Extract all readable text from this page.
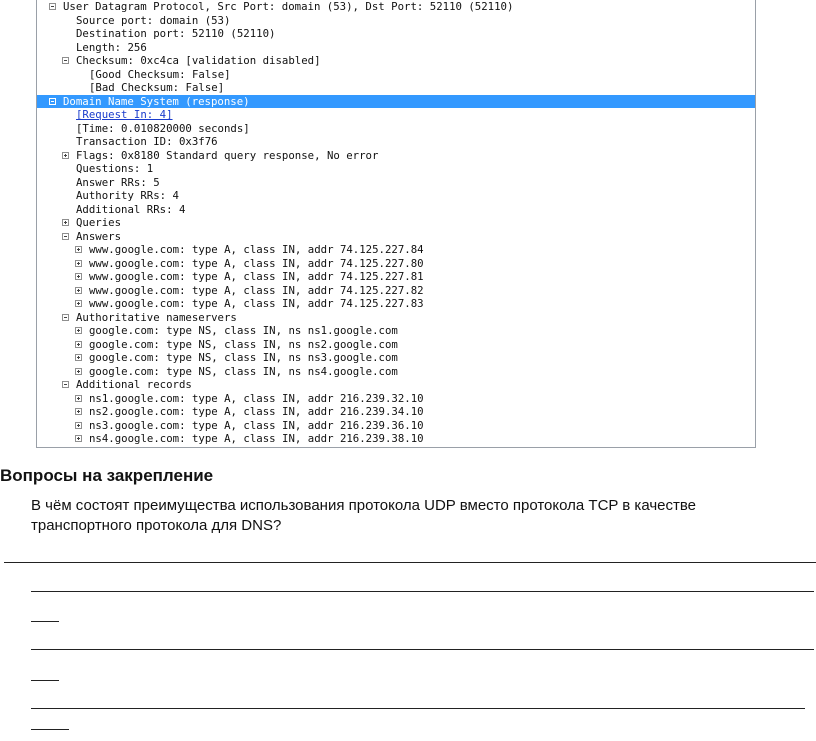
User Datagram Protocol, Src Port: domain (53), Dst Port: 52110 (52110)
Source port: domain (53)
Destination port: 52110 (52110)
Length: 256
Checksum: 0xc4ca [validation disabled]
[Good Checksum: False]
[Bad Checksum: False]
Domain Name System (response)
[Request In: 4]
[Time: 0.010820000 seconds]
Transaction ID: 0x3f76
Flags: 0x8180 Standard query response, No error
Questions: 1
Answer RRs: 5
Authority RRs: 4
Additional RRs: 4
Queries
Answers
www.google.com: type A, class IN, addr 74.125.227.84
www.google.com: type A, class IN, addr 74.125.227.80
www.google.com: type A, class IN, addr 74.125.227.81
www.google.com: type A, class IN, addr 74.125.227.82
www.google.com: type A, class IN, addr 74.125.227.83
Authoritative nameservers
google.com: type NS, class IN, ns ns1.google.com
google.com: type NS, class IN, ns ns2.google.com
google.com: type NS, class IN, ns ns3.google.com
google.com: type NS, class IN, ns ns4.google.com
Additional records
ns1.google.com: type A, class IN, addr 216.239.32.10
ns2.google.com: type A, class IN, addr 216.239.34.10
ns3.google.com: type A, class IN, addr 216.239.36.10
ns4.google.com: type A, class IN, addr 216.239.38.10
Вопросы на закрепление
В чём состоят преимущества использования протокола UDP вместо протокола TCP в качестве транспортного протокола для DNS?
